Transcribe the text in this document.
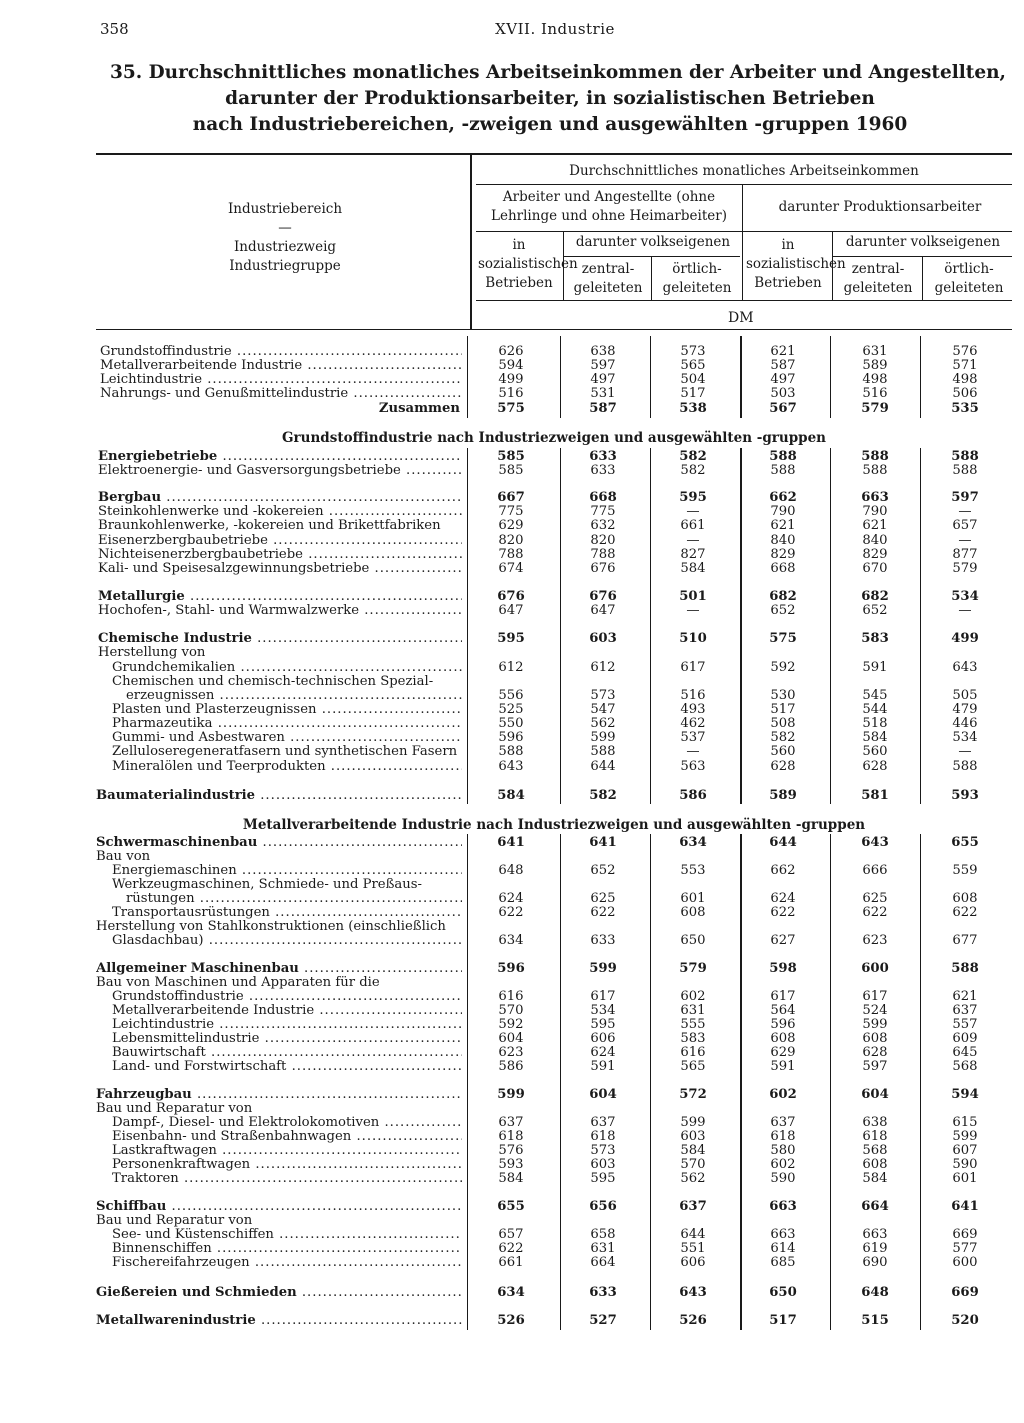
358	XVII. Industrie
35. Durchschnittliches monatliches Arbeitseinkommen der Arbeiter und Angestellten,
darunter der Produktionsarbeiter, in sozialistischen Betrieben
nach Industriebereichen, -zweigen und ausgewählten -gruppen 1960
Industriebereich
—
Industriezweig
Industriegruppe
Durchschnittliches monatliches Arbeitseinkommen
Arbeiter und Angestellte (ohne Lehrlinge und ohne Heimarbeiter)
darunter Produktionsarbeiter
in sozialistischen Betrieben
darunter volkseigenen
zentral- geleiteten
örtlich- geleiteten
in sozialistischen Betrieben
darunter volkseigenen
zentral- geleiteten
örtlich- geleiteten
DM
Grundstoffindustrie nach Industriezweigen und ausgewählten -gruppen
Metallverarbeitende Industrie nach Industriezweigen und ausgewählten -gruppen
Grundstoffindustrie .....	626	638	573	621	631	576
Metallverarbeitende Industrie .....	594	597	565	587	589	571
Leichtindustrie .....	499	497	504	497	498	498
Nahrungs- und Genußmittelindustrie .....	516	531	517	503	516	506
Zusammen	575	587	538	567	579	535
Energiebetriebe .....	585	633	582	588	588	588
Elektroenergie- und Gasversorgungsbetriebe .....	585	633	582	588	588	588
Bergbau .....	667	668	595	662	663	597
Steinkohlenwerke und -kokereien .....	775	775	—	790	790	—
Braunkohlenwerke, -kokereien und Brikettfabriken	629	632	661	621	621	657
Eisenerzbergbaubetriebe .....	820	820	—	840	840	—
Nichteisenerzbergbaubetriebe .....	788	788	827	829	829	877
Kali- und Speisesalzgewinnungsbetriebe .....	674	676	584	668	670	579
Metallurgie .....	676	676	501	682	682	534
Hochofen-, Stahl- und Warmwalzwerke .....	647	647	—	652	652	—
Chemische Industrie .....	595	603	510	575	583	499
Herstellung von
Grundchemikalien .....	612	612	617	592	591	643
Chemischen und chemisch-technischen Spezial-
erzeugnissen .....	556	573	516	530	545	505
Plasten und Plasterzeugnissen .....	525	547	493	517	544	479
Pharmazeutika .....	550	562	462	508	518	446
Gummi- und Asbestwaren .....	596	599	537	582	584	534
Zelluloseregeneratfasern und synthetischen Fasern	588	588	—	560	560	—
Mineralölen und Teerprodukten .....	643	644	563	628	628	588
Baumaterialindustrie .....	584	582	586	589	581	593
Schwermaschinenbau .....	641	641	634	644	643	655
Bau von
Energiemaschinen .....	648	652	553	662	666	559
Werkzeugmaschinen, Schmiede- und Preßaus-
rüstungen .....	624	625	601	624	625	608
Transportausrüstungen .....	622	622	608	622	622	622
Herstellung von Stahlkonstruktionen (einschließlich
Glasdachbau) .....	634	633	650	627	623	677
Allgemeiner Maschinenbau .....	596	599	579	598	600	588
Bau von Maschinen und Apparaten für die
Grundstoffindustrie .....	616	617	602	617	617	621
Metallverarbeitende Industrie .....	570	534	631	564	524	637
Leichtindustrie .....	592	595	555	596	599	557
Lebensmittelindustrie .....	604	606	583	608	608	609
Bauwirtschaft .....	623	624	616	629	628	645
Land- und Forstwirtschaft .....	586	591	565	591	597	568
Fahrzeugbau .....	599	604	572	602	604	594
Bau und Reparatur von
Dampf-, Diesel- und Elektrolokomotiven .....	637	637	599	637	638	615
Eisenbahn- und Straßenbahnwagen .....	618	618	603	618	618	599
Lastkraftwagen .....	576	573	584	580	568	607
Personenkraftwagen .....	593	603	570	602	608	590
Traktoren .....	584	595	562	590	584	601
Schiffbau .....	655	656	637	663	664	641
Bau und Reparatur von
See- und Küstenschiffen .....	657	658	644	663	663	669
Binnenschiffen .....	622	631	551	614	619	577
Fischereifahrzeugen .....	661	664	606	685	690	600
Gießereien und Schmieden .....	634	633	643	650	648	669
Metallwarenindustrie .....	526	527	526	517	515	520
